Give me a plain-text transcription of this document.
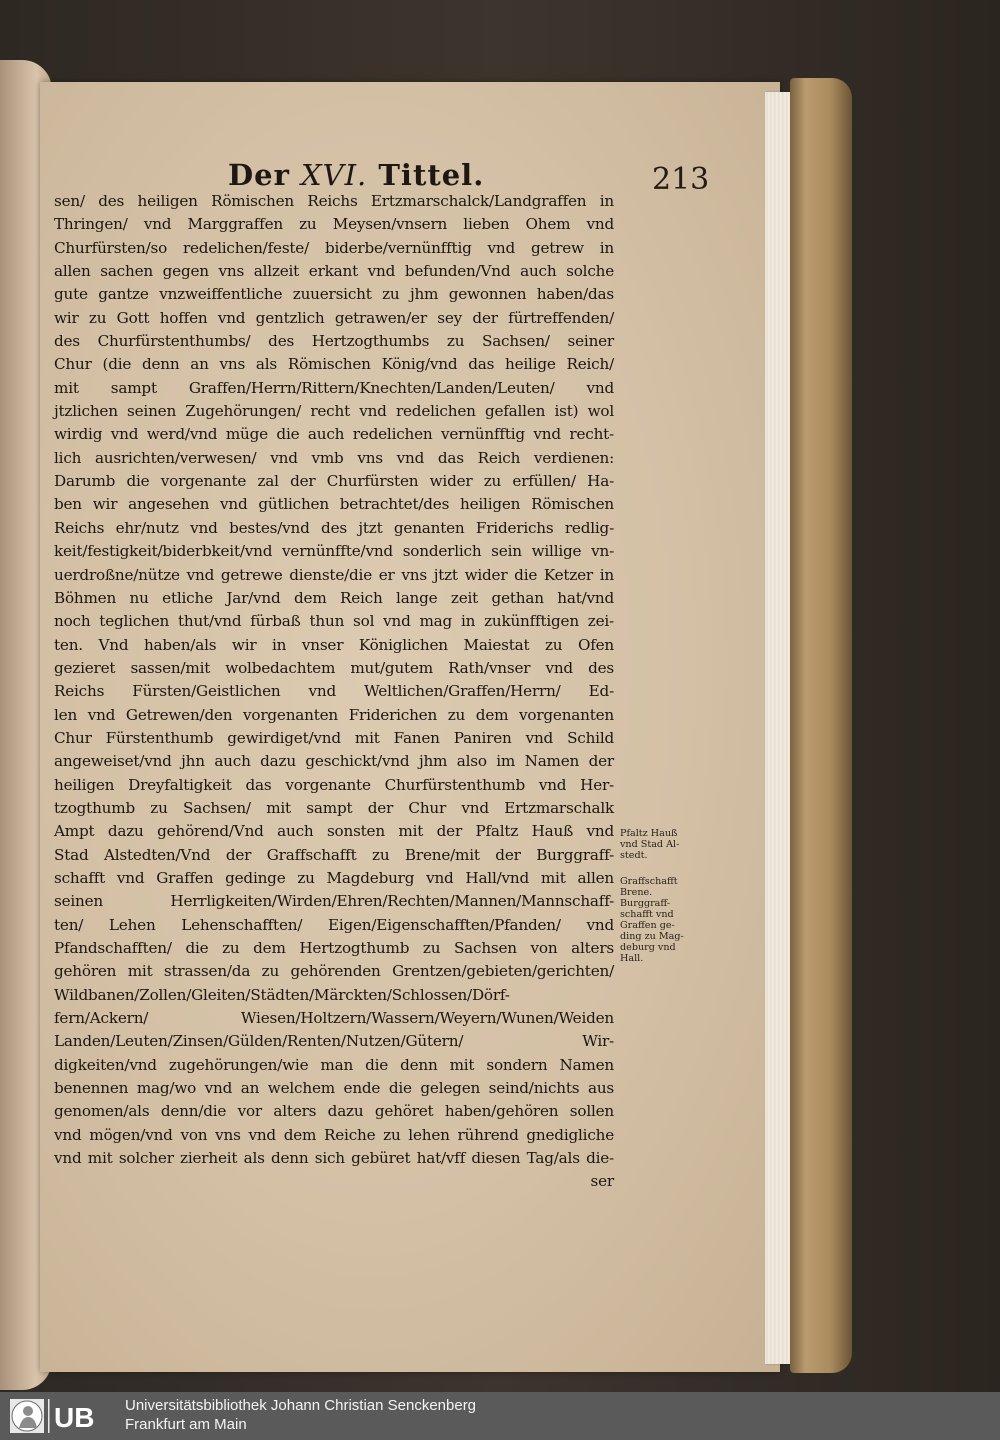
Der XVI. Tittel.	213
sen/ des heiligen Römischen Reichs Ertzmarschalck/Landgraffen in
Thringen/ vnd Marggraffen zu Meysen/vnsern lieben Ohem vnd
Churfürsten/so redelichen/feste/ biderbe/vernünfftig vnd getrew in
allen sachen gegen vns allzeit erkant vnd befunden/Vnd auch solche
gute gantze vnzweiffentliche zuuersicht zu jhm gewonnen haben/das
wir zu Gott hoffen vnd gentzlich getrawen/er sey der fürtreffenden/
des Churfürstenthumbs/ des Hertzogthumbs zu Sachsen/ seiner
Chur (die denn an vns als Römischen König/vnd das heilige Reich/
mit sampt Graffen/Herrn/Rittern/Knechten/Landen/Leuten/ vnd
jtzlichen seinen Zugehörungen/ recht vnd redelichen gefallen ist) wol
wirdig vnd werd/vnd müge die auch redelichen vernünfftig vnd recht-
lich ausrichten/verwesen/ vnd vmb vns vnd das Reich verdienen:
Darumb die vorgenante zal der Churfürsten wider zu erfüllen/ Ha-
ben wir angesehen vnd gütlichen betrachtet/des heiligen Römischen
Reichs ehr/nutz vnd bestes/vnd des jtzt genanten Friderichs redlig-
keit/festigkeit/biderbkeit/vnd vernünffte/vnd sonderlich sein willige vn-
uerdroßne/nütze vnd getrewe dienste/die er vns jtzt wider die Ketzer in
Böhmen nu etliche Jar/vnd dem Reich lange zeit gethan hat/vnd
noch teglichen thut/vnd fürbaß thun sol vnd mag in zukünfftigen zei-
ten. Vnd haben/als wir in vnser Königlichen Maiestat zu Ofen
gezieret sassen/mit wolbedachtem mut/gutem Rath/vnser vnd des
Reichs Fürsten/Geistlichen vnd Weltlichen/Graffen/Herrn/ Ed-
len vnd Getrewen/den vorgenanten Friderichen zu dem vorgenanten
Chur Fürstenthumb gewirdiget/vnd mit Fanen Paniren vnd Schild
angeweiset/vnd jhn auch dazu geschickt/vnd jhm also im Namen der
heiligen Dreyfaltigkeit das vorgenante Churfürstenthumb vnd Her-
tzogthumb zu Sachsen/ mit sampt der Chur vnd Ertzmarschalk
Ampt dazu gehörend/Vnd auch sonsten mit der Pfaltz Hauß vnd
Stad Alstedten/Vnd der Graffschafft zu Brene/mit der Burggraff-
schafft vnd Graffen gedinge zu Magdeburg vnd Hall/vnd mit allen
seinen Herrligkeiten/Wirden/Ehren/Rechten/Mannen/Mannschaff-
ten/ Lehen Lehenschafften/ Eigen/Eigenschafften/Pfanden/ vnd
Pfandschafften/ die zu dem Hertzogthumb zu Sachsen von alters
gehören mit strassen/da zu gehörenden Grentzen/gebieten/gerichten/
Wildbanen/Zollen/Gleiten/Städten/Märckten/Schlossen/Dörf-
fern/Ackern/ Wiesen/Holtzern/Wassern/Weyern/Wunen/Weiden
Landen/Leuten/Zinsen/Gülden/Renten/Nutzen/Gütern/ Wir-
digkeiten/vnd zugehörungen/wie man die denn mit sondern Namen
benennen mag/wo vnd an welchem ende die gelegen seind/nichts aus
genomen/als denn/die vor alters dazu gehöret haben/gehören sollen
vnd mögen/vnd von vns vnd dem Reiche zu lehen rührend gnedigliche
vnd mit solcher zierheit als denn sich gebüret hat/vff diesen Tag/als die-
ser
Pfaltz Hauß
vnd Stad Al-
stedt.
Graffschafft
Brene.
Burggraff-
schafft vnd
Graffen ge-
ding zu Mag-
deburg vnd
Hall.
UB Universitätsbibliothek Johann Christian Senckenberg
Frankfurt am Main
